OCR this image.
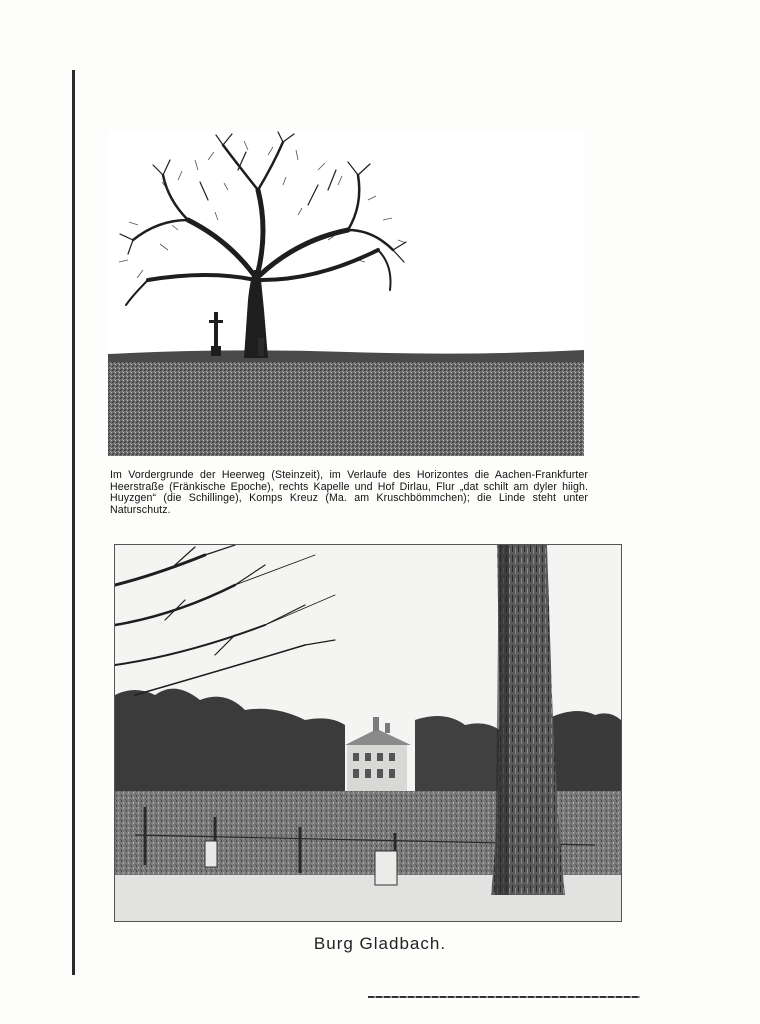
Im Vordergrunde der Heerweg (Steinzeit), im Verlaufe des Horizontes die Aachen-Frankfurter Heerstraße (Fränkische Epoche), rechts Kapelle und Hof Dirlau, Flur „dat schilt am dyler hiigh. Huyzgen“ (die Schillinge), Komps Kreuz (Ma. am Kruschbömmchen); die Linde steht unter Naturschutz.

Burg Gladbach.
